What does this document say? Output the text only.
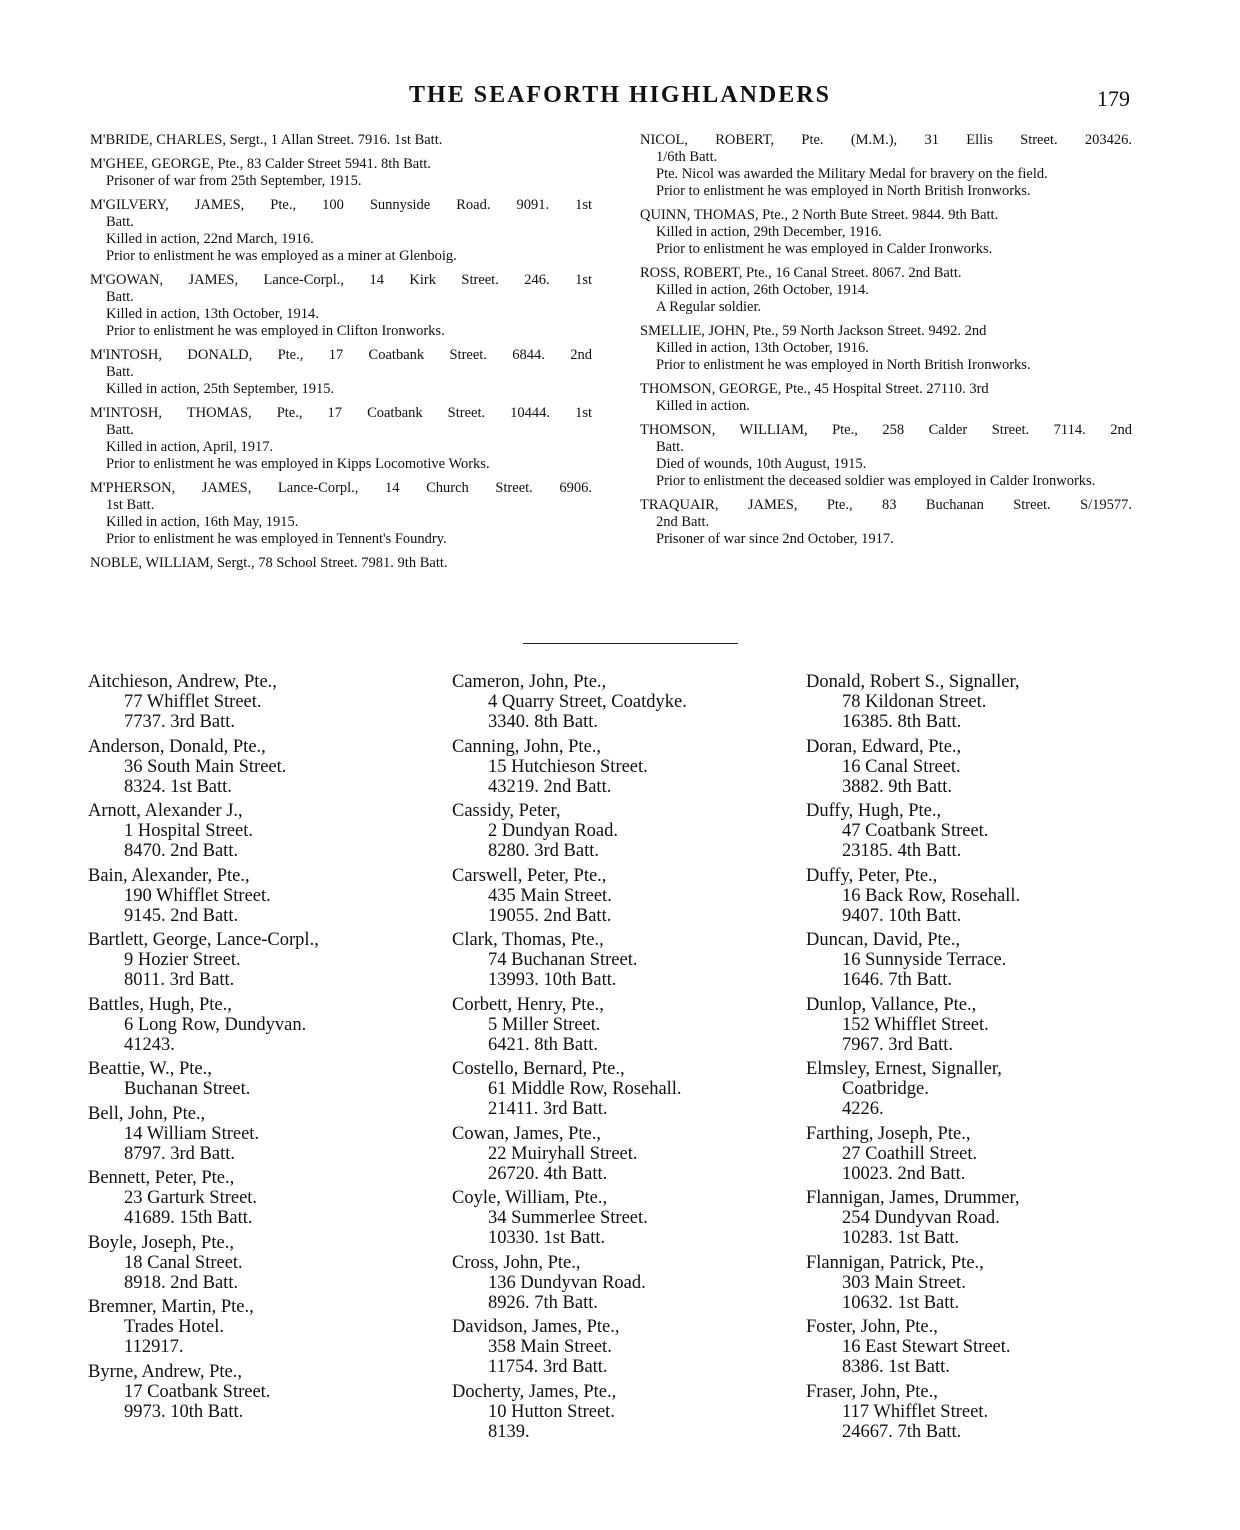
THE SEAFORTH HIGHLANDERS	179
M'BRIDE, CHARLES, Sergt., 1 Allan Street. 7916. 1st Batt.
M'GHEE, GEORGE, Pte., 83 Calder Street 5941. 8th Batt.
Prisoner of war from 25th September, 1915.
M'GILVERY, JAMES, Pte., 100 Sunnyside Road. 9091. 1st
Batt.
Killed in action, 22nd March, 1916.
Prior to enlistment he was employed as a miner at Glenboig.
M'GOWAN, JAMES, Lance-Corpl., 14 Kirk Street. 246. 1st
Batt.
Killed in action, 13th October, 1914.
Prior to enlistment he was employed in Clifton Ironworks.
M'INTOSH, DONALD, Pte., 17 Coatbank Street. 6844. 2nd
Batt.
Killed in action, 25th September, 1915.
M'INTOSH, THOMAS, Pte., 17 Coatbank Street. 10444. 1st
Batt.
Killed in action, April, 1917.
Prior to enlistment he was employed in Kipps Locomotive Works.
M'PHERSON, JAMES, Lance-Corpl., 14 Church Street. 6906.
1st Batt.
Killed in action, 16th May, 1915.
Prior to enlistment he was employed in Tennent's Foundry.
NOBLE, WILLIAM, Sergt., 78 School Street. 7981. 9th Batt.
NICOL, ROBERT, Pte. (M.M.), 31 Ellis Street. 203426.
1/6th Batt.
Pte. Nicol was awarded the Military Medal for bravery on the field.
Prior to enlistment he was employed in North British Ironworks.
QUINN, THOMAS, Pte., 2 North Bute Street. 9844. 9th Batt.
Killed in action, 29th December, 1916.
Prior to enlistment he was employed in Calder Ironworks.
ROSS, ROBERT, Pte., 16 Canal Street. 8067. 2nd Batt.
Killed in action, 26th October, 1914.
A Regular soldier.
SMELLIE, JOHN, Pte., 59 North Jackson Street. 9492. 2nd
Killed in action, 13th October, 1916.
Prior to enlistment he was employed in North British Ironworks.
THOMSON, GEORGE, Pte., 45 Hospital Street. 27110. 3rd
Killed in action.
THOMSON, WILLIAM, Pte., 258 Calder Street. 7114. 2nd
Batt.
Died of wounds, 10th August, 1915.
Prior to enlistment the deceased soldier was employed in Calder Ironworks.
TRAQUAIR, JAMES, Pte., 83 Buchanan Street. S/19577.
2nd Batt.
Prisoner of war since 2nd October, 1917.
Aitchieson, Andrew, Pte.,
77 Whifflet Street.
7737. 3rd Batt.
Anderson, Donald, Pte.,
36 South Main Street.
8324. 1st Batt.
Arnott, Alexander J.,
1 Hospital Street.
8470. 2nd Batt.
Bain, Alexander, Pte.,
190 Whifflet Street.
9145. 2nd Batt.
Bartlett, George, Lance-Corpl.,
9 Hozier Street.
8011. 3rd Batt.
Battles, Hugh, Pte.,
6 Long Row, Dundyvan.
41243.
Beattie, W., Pte.,
Buchanan Street.
Bell, John, Pte.,
14 William Street.
8797. 3rd Batt.
Bennett, Peter, Pte.,
23 Garturk Street.
41689. 15th Batt.
Boyle, Joseph, Pte.,
18 Canal Street.
8918. 2nd Batt.
Bremner, Martin, Pte.,
Trades Hotel.
112917.
Byrne, Andrew, Pte.,
17 Coatbank Street.
9973. 10th Batt.
Cameron, John, Pte.,
4 Quarry Street, Coatdyke.
3340. 8th Batt.
Canning, John, Pte.,
15 Hutchieson Street.
43219. 2nd Batt.
Cassidy, Peter,
2 Dundyan Road.
8280. 3rd Batt.
Carswell, Peter, Pte.,
435 Main Street.
19055. 2nd Batt.
Clark, Thomas, Pte.,
74 Buchanan Street.
13993. 10th Batt.
Corbett, Henry, Pte.,
5 Miller Street.
6421. 8th Batt.
Costello, Bernard, Pte.,
61 Middle Row, Rosehall.
21411. 3rd Batt.
Cowan, James, Pte.,
22 Muiryhall Street.
26720. 4th Batt.
Coyle, William, Pte.,
34 Summerlee Street.
10330. 1st Batt.
Cross, John, Pte.,
136 Dundyvan Road.
8926. 7th Batt.
Davidson, James, Pte.,
358 Main Street.
11754. 3rd Batt.
Docherty, James, Pte.,
10 Hutton Street.
8139.
Donald, Robert S., Signaller,
78 Kildonan Street.
16385. 8th Batt.
Doran, Edward, Pte.,
16 Canal Street.
3882. 9th Batt.
Duffy, Hugh, Pte.,
47 Coatbank Street.
23185. 4th Batt.
Duffy, Peter, Pte.,
16 Back Row, Rosehall.
9407. 10th Batt.
Duncan, David, Pte.,
16 Sunnyside Terrace.
1646. 7th Batt.
Dunlop, Vallance, Pte.,
152 Whifflet Street.
7967. 3rd Batt.
Elmsley, Ernest, Signaller,
Coatbridge.
4226.
Farthing, Joseph, Pte.,
27 Coathill Street.
10023. 2nd Batt.
Flannigan, James, Drummer,
254 Dundyvan Road.
10283. 1st Batt.
Flannigan, Patrick, Pte.,
303 Main Street.
10632. 1st Batt.
Foster, John, Pte.,
16 East Stewart Street.
8386. 1st Batt.
Fraser, John, Pte.,
117 Whifflet Street.
24667. 7th Batt.
